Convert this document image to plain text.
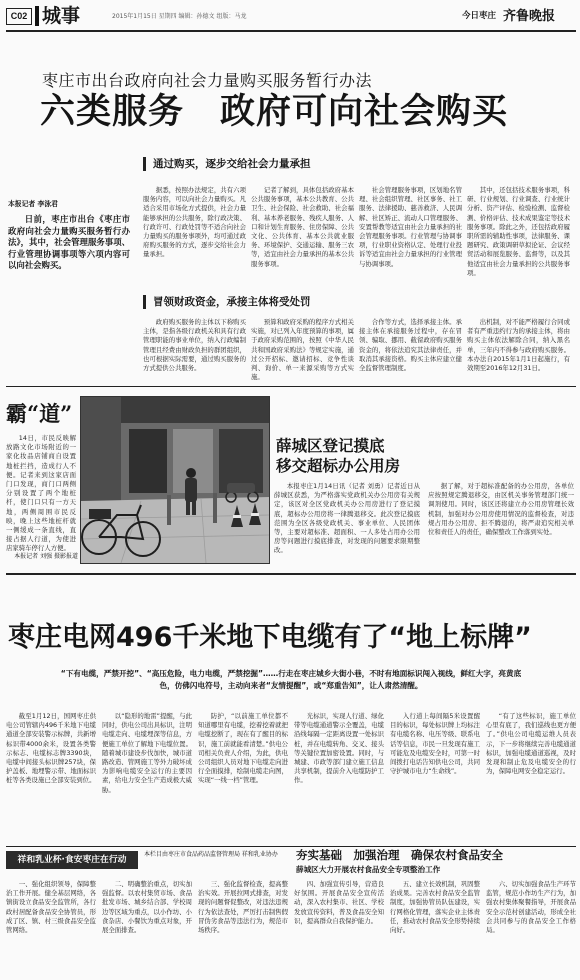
C02 城事	2015年1月15日 星期四 编辑：孙德文 组版：马龙	今日枣庄 齐鲁晚报
枣庄市出台政府向社会力量购买服务暂行办法
六类服务　政府可向社会购买
通过购买，逐步交给社会力量承担
本报记者 李泳君
日前，枣庄市出台《枣庄市政府向社会力量购买服务暂行办法》，其中，社会管理服务事项、行业管理协调事项等六项内容可以向社会购买。
据悉，按照办法规定，共有六项服务内容，可以向社会力量购买。凡适合采用市场化方式提供，社会力量能够承担的公共服务，除行政决策、行政许可、行政处罚等不适合向社会力量购买的服务事项外，均可通过政府购买服务的方式，逐步交给社会力量承担。
记者了解到，具体包括政府基本公共服务事项，基本公共教育、公共卫生、社会保险、社会救助、社会福利、基本养老服务、残疾人服务、人口和计划生育服务、住房保障、公共文化、公共体育、基本公共就业服务、环境保护、交通运输、服务三农等，适宜由社会力量承担的基本公共服务事项。
社会管理服务事项，区划地名管理、社会组织管理、社区事务、社工服务、法律援助、慈善救济、人民调解、社区矫正、流动人口管理服务、安置帮教等适宜由社会力量承担的社会管理服务事项。行业管理与协调事项，行业职业资格认定、处理行业投诉等适宜由社会力量承担的行业管理与协调事项。
其中，还包括技术服务事项，科研、行业规划、行业调查、行业统计分析、资产评估、检验检测、监督检测、价格评估、技术成果鉴定等技术服务事项。除此之外，还包括政府履职所需的辅助性事项，法律服务、课题研究、政策调研草拟论证、会议经贸活动和展览服务、监督等，以及其他适宜由社会力量承担的公共服务事项。
冒领财政资金，承接主体将受处罚
政府购买服务的主体以下称购买主体，是指各级行政机关和具有行政管理职能的事业单位，纳入行政编制管理且经费由财政负担的群团组织，也可根据实际需要，通过购买服务的方式提供公共服务。
预算和政府采购的程序方式相关实施，对已列入年度预算的事项，属于政府采购范围的，按照《中华人民共和国政府采购法》等规定实施，通过公开招标、邀请招标、竞争性谈判、询价、单一来源采购等方式实施。
合作等方式，选择承接主体。承接主体在承接服务过程中，存在冒领、骗取、挪用、截留政府购买服务资金的，将依法追究其法律责任，并取消其承接资格。购买主体应建立健全监督管理制度。
出机制，对不能严格履行合同或者有严重违约行为的承接主体，将由购买主体依法解除合同，纳入黑名单，三年内不得参与政府购买服务。本办法自2015年1月1日起施行，有效期至2016年12月31日。
霸“道”
14日，市民反映解放路文化市场附近的一家化妆品店铺商自设置地桩拦挡，造成行人不便。记者来到这家店面门口发现，商门口两侧分别设置了两个地桩杆，使门口只有一方天地，两侧周围市民反映，晚上这些地桩杆就一侧缓成一条直线，直接占据人行道，为使进店家骑车停行人方便。
本报记者 刘强 摄影报道
薛城区登记摸底
移交超标办公用房
本报枣庄1月14日讯（记者 刘勇）记者近日从薛城区获悉，为严格落实党政机关办公用房有关规定，该区对全区党政机关办公用房进行了登记摸底，超标办公用房将一律腾退移交。此次登记摸底范围为全区各级党政机关、事业单位、人民团体等，主要对超标准、超面积、一人多处占用办公用房等问题进行摸底排查，对发现的问题要求限期整改。
据了解，对于超标准配备的办公用房，各单位应按照规定腾退移交，由区机关事务管理部门统一调剂使用。同时，该区还将建立办公用房管理长效机制，加强对办公用房使用情况的监督检查，对违规占用办公用房、拒不腾退的，将严肃追究相关单位和责任人的责任，确保整改工作落到实处。
枣庄电网496千米地下电缆有了“地上标牌”
“下有电缆，严禁开挖”、“高压危险，电力电缆，严禁挖掘”……行走在枣庄城乡大街小巷，不时有地面标识闯入视线，鲜红大字，亮黄底色，仿佛闪电符号，主动向来者“友情提醒”，或“郑重告知”，让人肃然清醒。
截至1月12日，国网枣庄供电公司管辖内496千米地下电缆通道全部安装警示标牌，共新增标识带4000余米，设置各类警示标志、电缆标志牌3390块，电缆中间接头标识牌257块，保护盖板、地埋警示带、地面标识桩等各类设施已全部安装到位。
以“隐形的地雷”提醒，与此同时，供电公司出具标识，注明电缆走向、电缆埋深等信息，方便施工单位了解地下电缆位置。随着城市建设步伐加快，城市道路改造、管网施工等外力破坏成为影响电缆安全运行的主要因素，给电力安全生产造成极大威胁。
防护，“以前施工单位都不知道哪里有电缆，挖着挖着就把电缆挖断了，现在有了醒目的标识，施工前就能看清楚。”供电公司相关负责人介绍，为此，供电公司组织人员对地下电缆走向进行全面摸排，绘制电缆走向图，实现“一线一档”管理。
光标识，实现人行道、绿化带等电缆通道警示全覆盖，电缆沿线每隔一定距离设置一处标识桩，并在电缆转角、交叉、接头等关键位置加密设置。同时，与城建、市政等部门建立施工信息共享机制，提前介入电缆防护工作。
入行道上每间隔5米设置醒目的标识，每处标识牌上均标注有电缆名称、电压等级、联系电话等信息，市民一旦发现有施工可能危及电缆安全时，可第一时间拨打电话告知供电公司，共同守护城市电力“生命线”。
“有了这些标识，施工单位心里有底了，我们巡线也更方便了。”供电公司电缆运维人员表示，下一步将继续完善电缆通道标识，加强电缆通道巡视，及时发现和制止危及电缆安全的行为，保障电网安全稳定运行。
祥和乳业杯·食安枣庄在行动
本栏目由枣庄市食品药品监督管理局 祥和乳业协办	夯实基础　加强治理　确保农村食品安全
薛城区大力开展农村食品安全专项整治工作
一、强化组织领导，保障整治工作开展。健全基层网络，各镇街设立食品安全监管所，各行政村居配备食品安全协管员，形成了区、镇、村三级食品安全监管网络。
二、明确整治重点，切实加强监督。以农村集贸市场、食品批发市场、城乡结合部、学校周边等区域为重点，以小作坊、小食杂店、小餐饮为重点对象，开展全面排查。
三、强化监督检查，提高整治实效。开展拉网式排查，对发现的问题督促整改，对违法违规行为依法查处，严厉打击制售假冒伪劣食品等违法行为，规范市场秩序。
四、加强宣传引导，营造良好氛围。开展食品安全宣传活动，深入农村集市、社区、学校发放宣传资料，普及食品安全知识，提高群众自我保护能力。
五、建立长效机制，巩固整治成果。完善农村食品安全监管制度，加强协管员队伍建设，实行网格化管理，落实企业主体责任，推动农村食品安全形势持续向好。
六、切实加强食品生产环节监管，规范小作坊生产行为，加强农村集体聚餐指导，开展食品安全示范村创建活动，形成全社会共同参与的食品安全工作格局。
